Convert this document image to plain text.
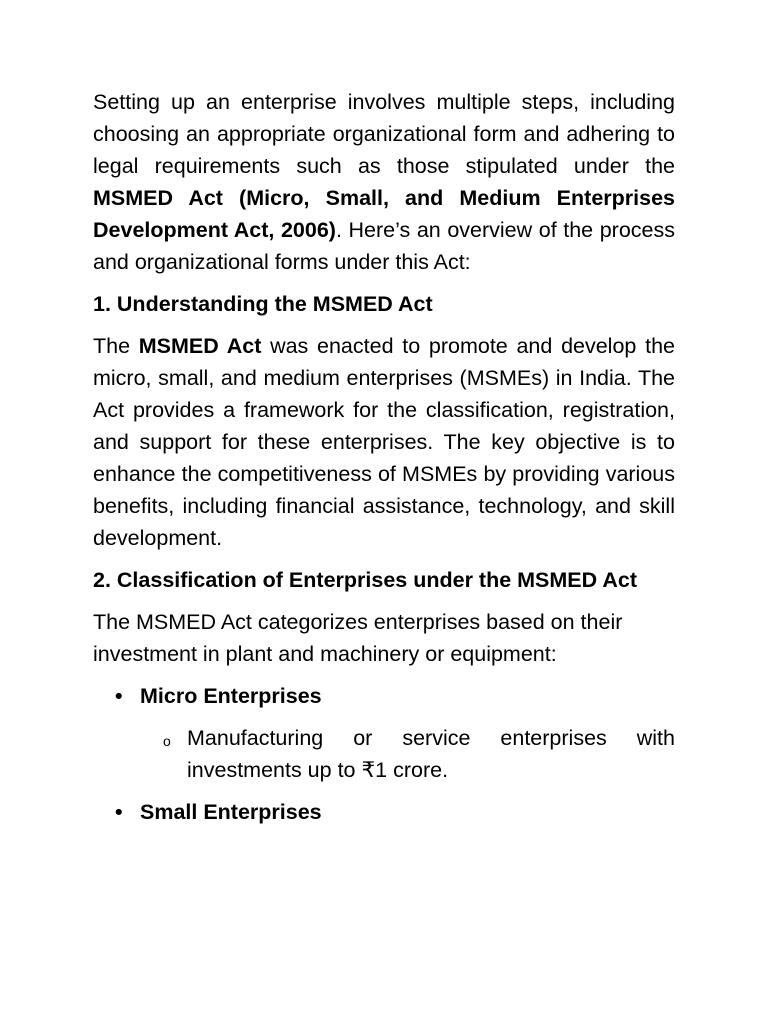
Setting up an enterprise involves multiple steps, including choosing an appropriate organizational form and adhering to legal requirements such as those stipulated under the MSMED Act (Micro, Small, and Medium Enterprises Development Act, 2006). Here’s an overview of the process and organizational forms under this Act:

1. Understanding the MSMED Act

The MSMED Act was enacted to promote and develop the micro, small, and medium enterprises (MSMEs) in India. The Act provides a framework for the classification, registration, and support for these enterprises. The key objective is to enhance the competitiveness of MSMEs by providing various benefits, including financial assistance, technology, and skill development.

2. Classification of Enterprises under the MSMED Act

The MSMED Act categorizes enterprises based on their investment in plant and machinery or equipment:

• Micro Enterprises
o Manufacturing or service enterprises with investments up to ₹1 crore.
• Small Enterprises
